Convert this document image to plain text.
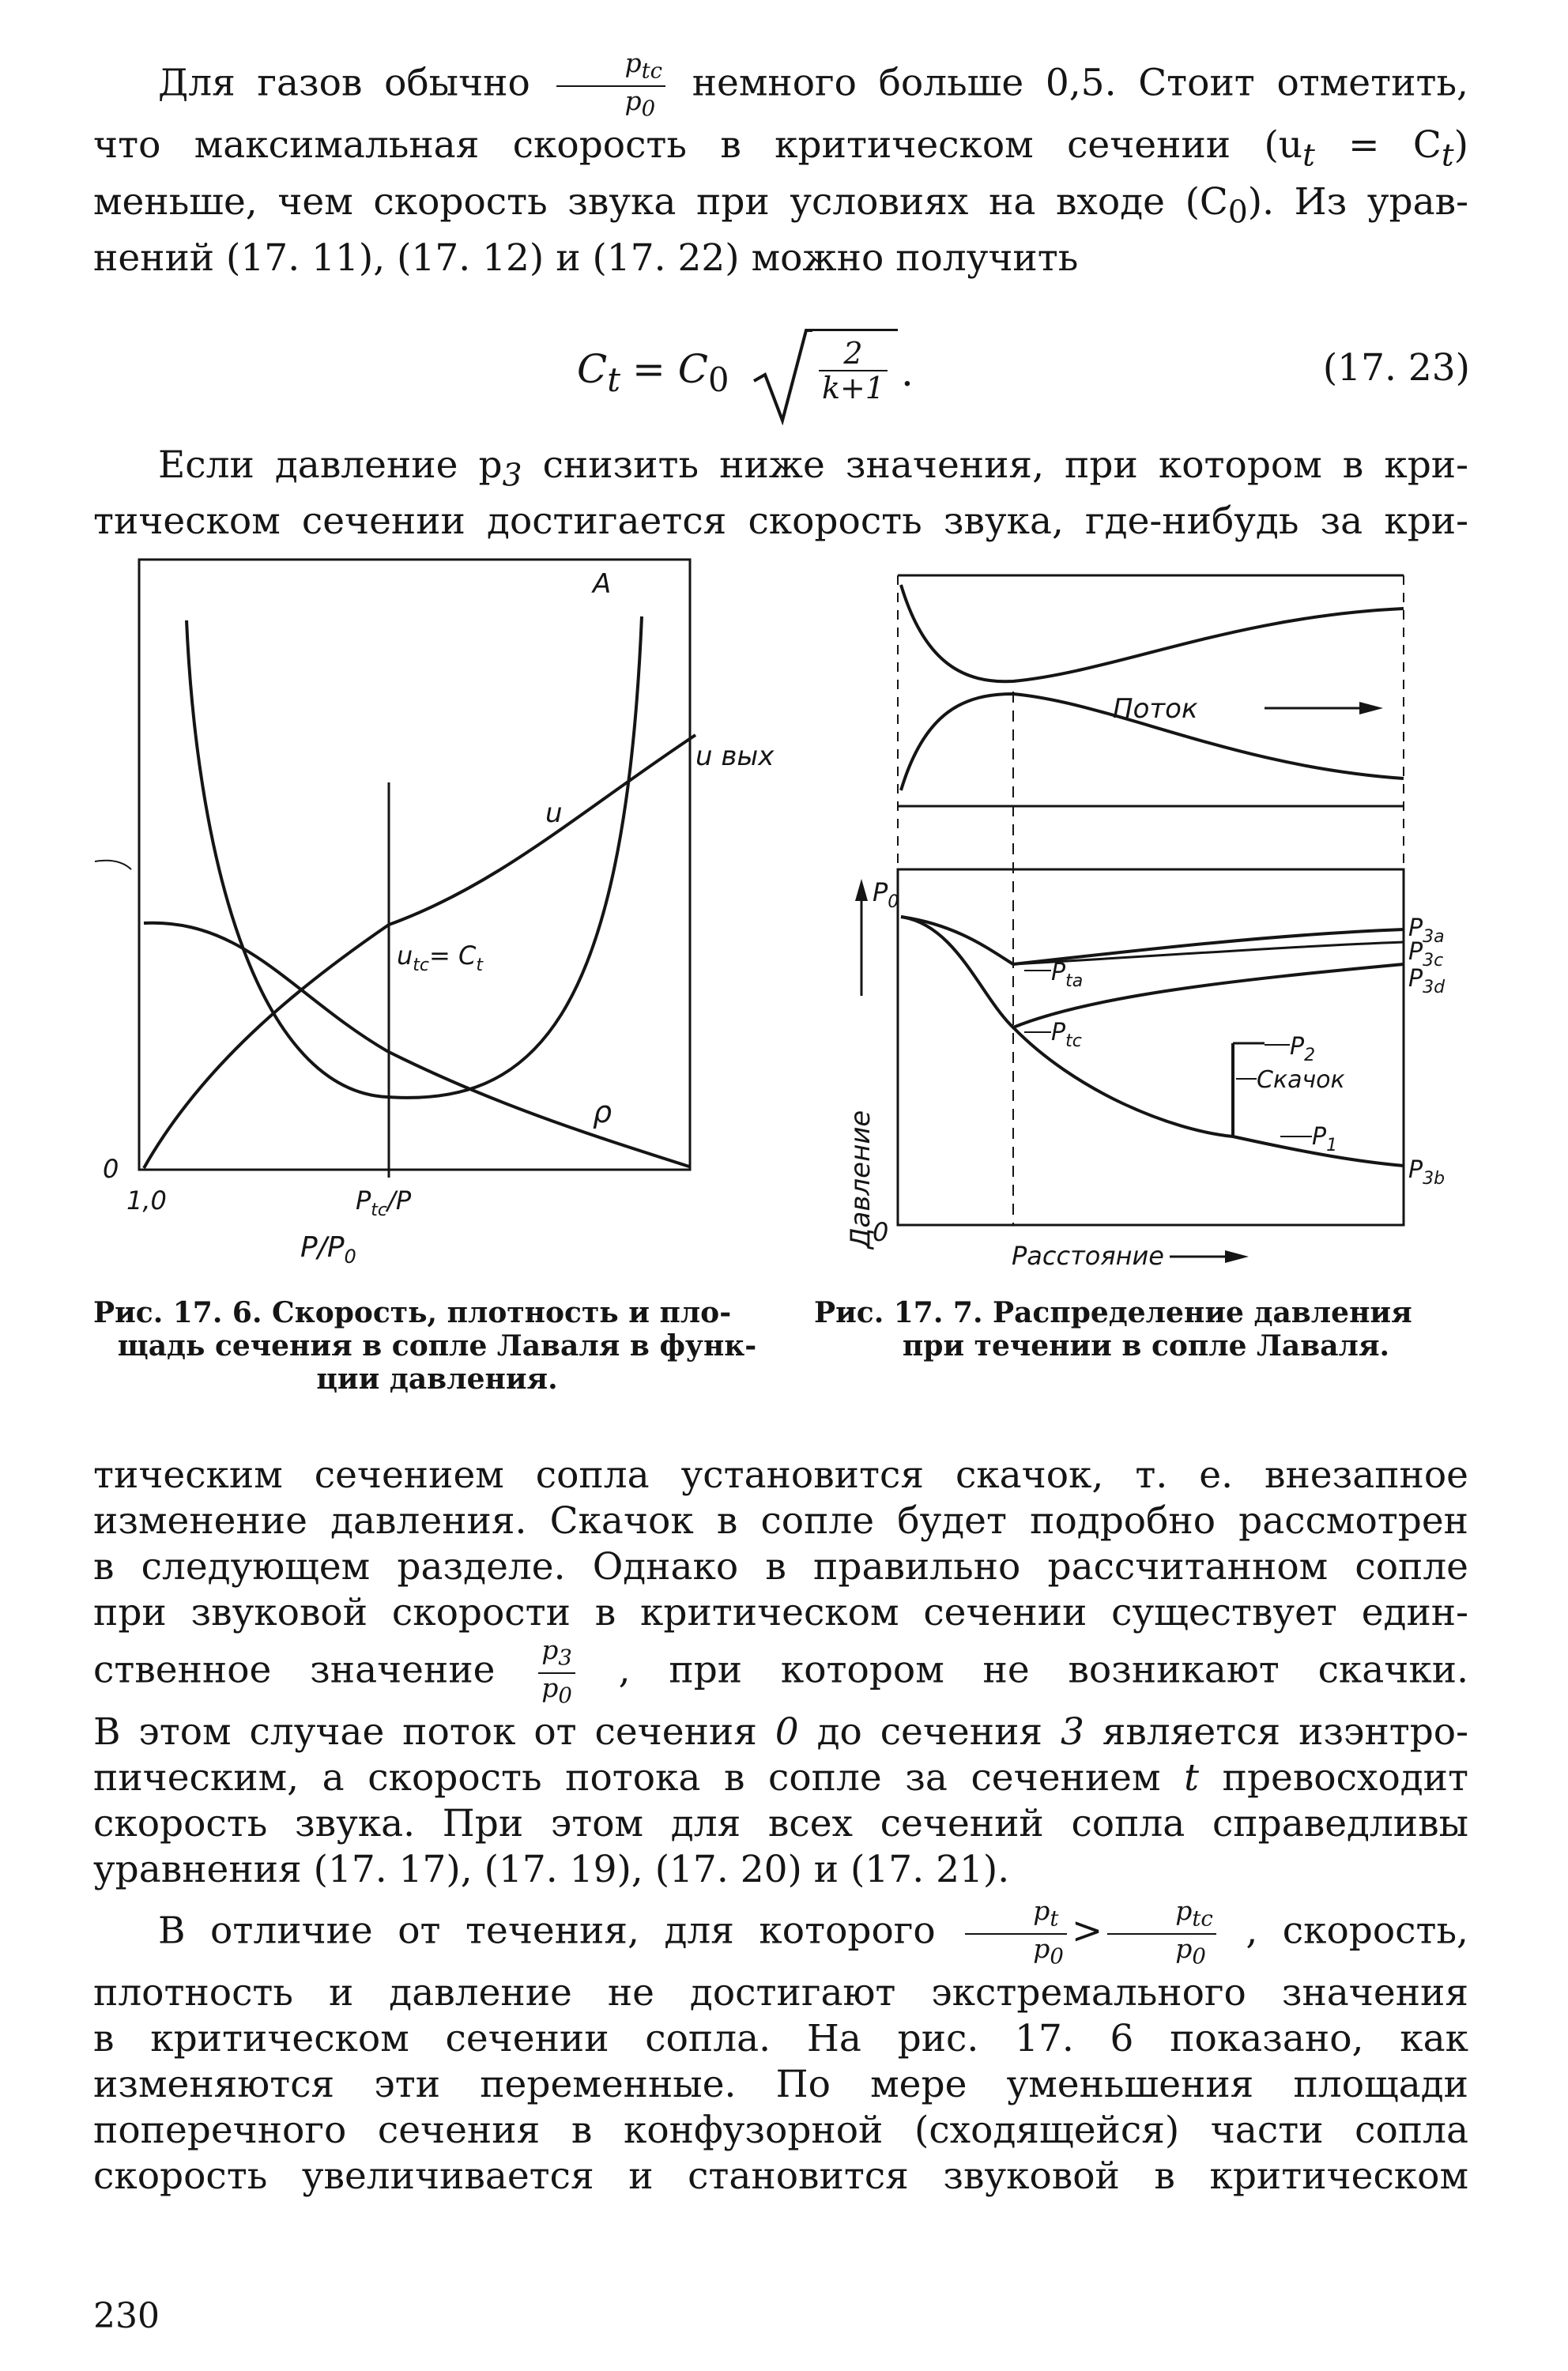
Для газов обычно $\frac{p_{tc}}{p_0}$ немного больше 0,5. Стоит отметить,
что максимальная скорость в критическом сечении $(u_t = C_t)$
меньше, чем скорость звука при условиях на входе $(C_0)$. Из урав-
нений (17. 11), (17. 12) и (17. 22) можно получить
$C_t = C_0$	$\frac{2}{k+1}$ .	(17. 23)
Если давление $p_3$ снизить ниже значения, при котором в кри-
тическом сечении достигается скорость звука, где-нибудь за кри-
A
u вых
u
$u_{tc}= C_t$
ρ
0
1,0	$P_{tc}/P$
$P/P_0$
Поток
Давление
$P_0$
0
$P_{ta}$
$P_{tc}$	$P_2$
Скачок
$P_1$
$P_{3a}$
$P_{3c}$
$P_{3d}$
$P_{3b}$
Расстояние
Рис. 17. 6. Скорость, плотность и пло-
щадь сечения в сопле Лаваля в функ-
ции давления.
Рис. 17. 7. Распределение давления
при течении в сопле Лаваля.
тическим сечением сопла установится скачок, т. е. внезапное
изменение давления. Скачок в сопле будет подробно рассмотрен
в следующем разделе. Однако в правильно рассчитанном сопле
при звуковой скорости в критическом сечении существует един-
ственное значение $\frac{p_3}{p_0}$ , при котором не возникают скачки.
В этом случае поток от сечения 0 до сечения 3 является изэнтро-
пическим, а скорость потока в сопле за сечением t превосходит
скорость звука. При этом для всех сечений сопла справедливы
уравнения (17. 17), (17. 19), (17. 20) и (17. 21).
В отличие от течения, для которого $\frac{p_t}{p_0} > \frac{p_{tc}}{p_0}$ , скорость,
плотность и давление не достигают экстремального значения
в критическом сечении сопла. На рис. 17. 6 показано, как
изменяются эти переменные. По мере уменьшения площади
поперечного сечения в конфузорной (сходящейся) части сопла
скорость увеличивается и становится звуковой в критическом
230
